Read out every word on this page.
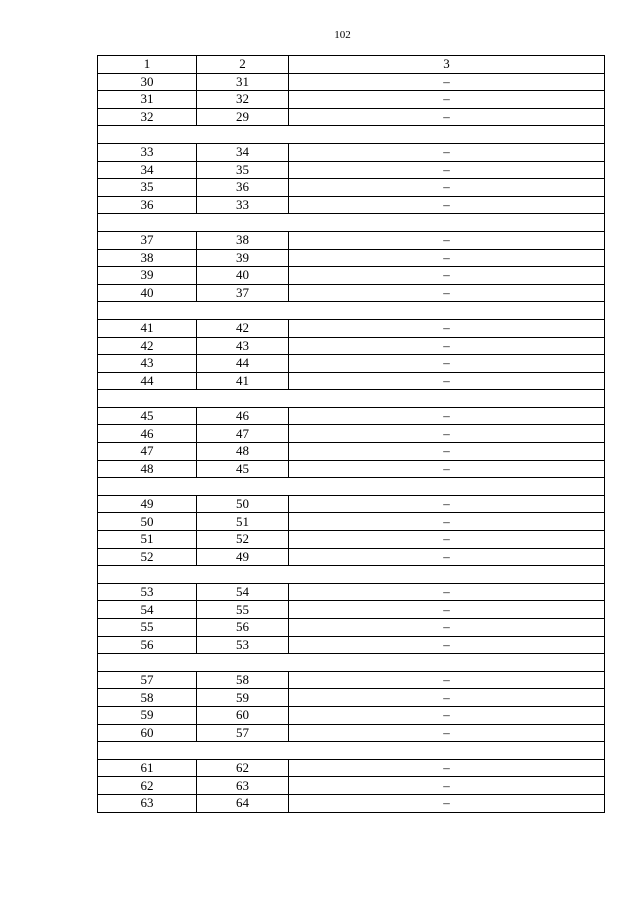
102
1	2	3
30	31	–
31	32	–
32	29	–

33	34	–
34	35	–
35	36	–
36	33	–

37	38	–
38	39	–
39	40	–
40	37	–

41	42	–
42	43	–
43	44	–
44	41	–

45	46	–
46	47	–
47	48	–
48	45	–

49	50	–
50	51	–
51	52	–
52	49	–

53	54	–
54	55	–
55	56	–
56	53	–

57	58	–
58	59	–
59	60	–
60	57	–

61	62	–
62	63	–
63	64	–
